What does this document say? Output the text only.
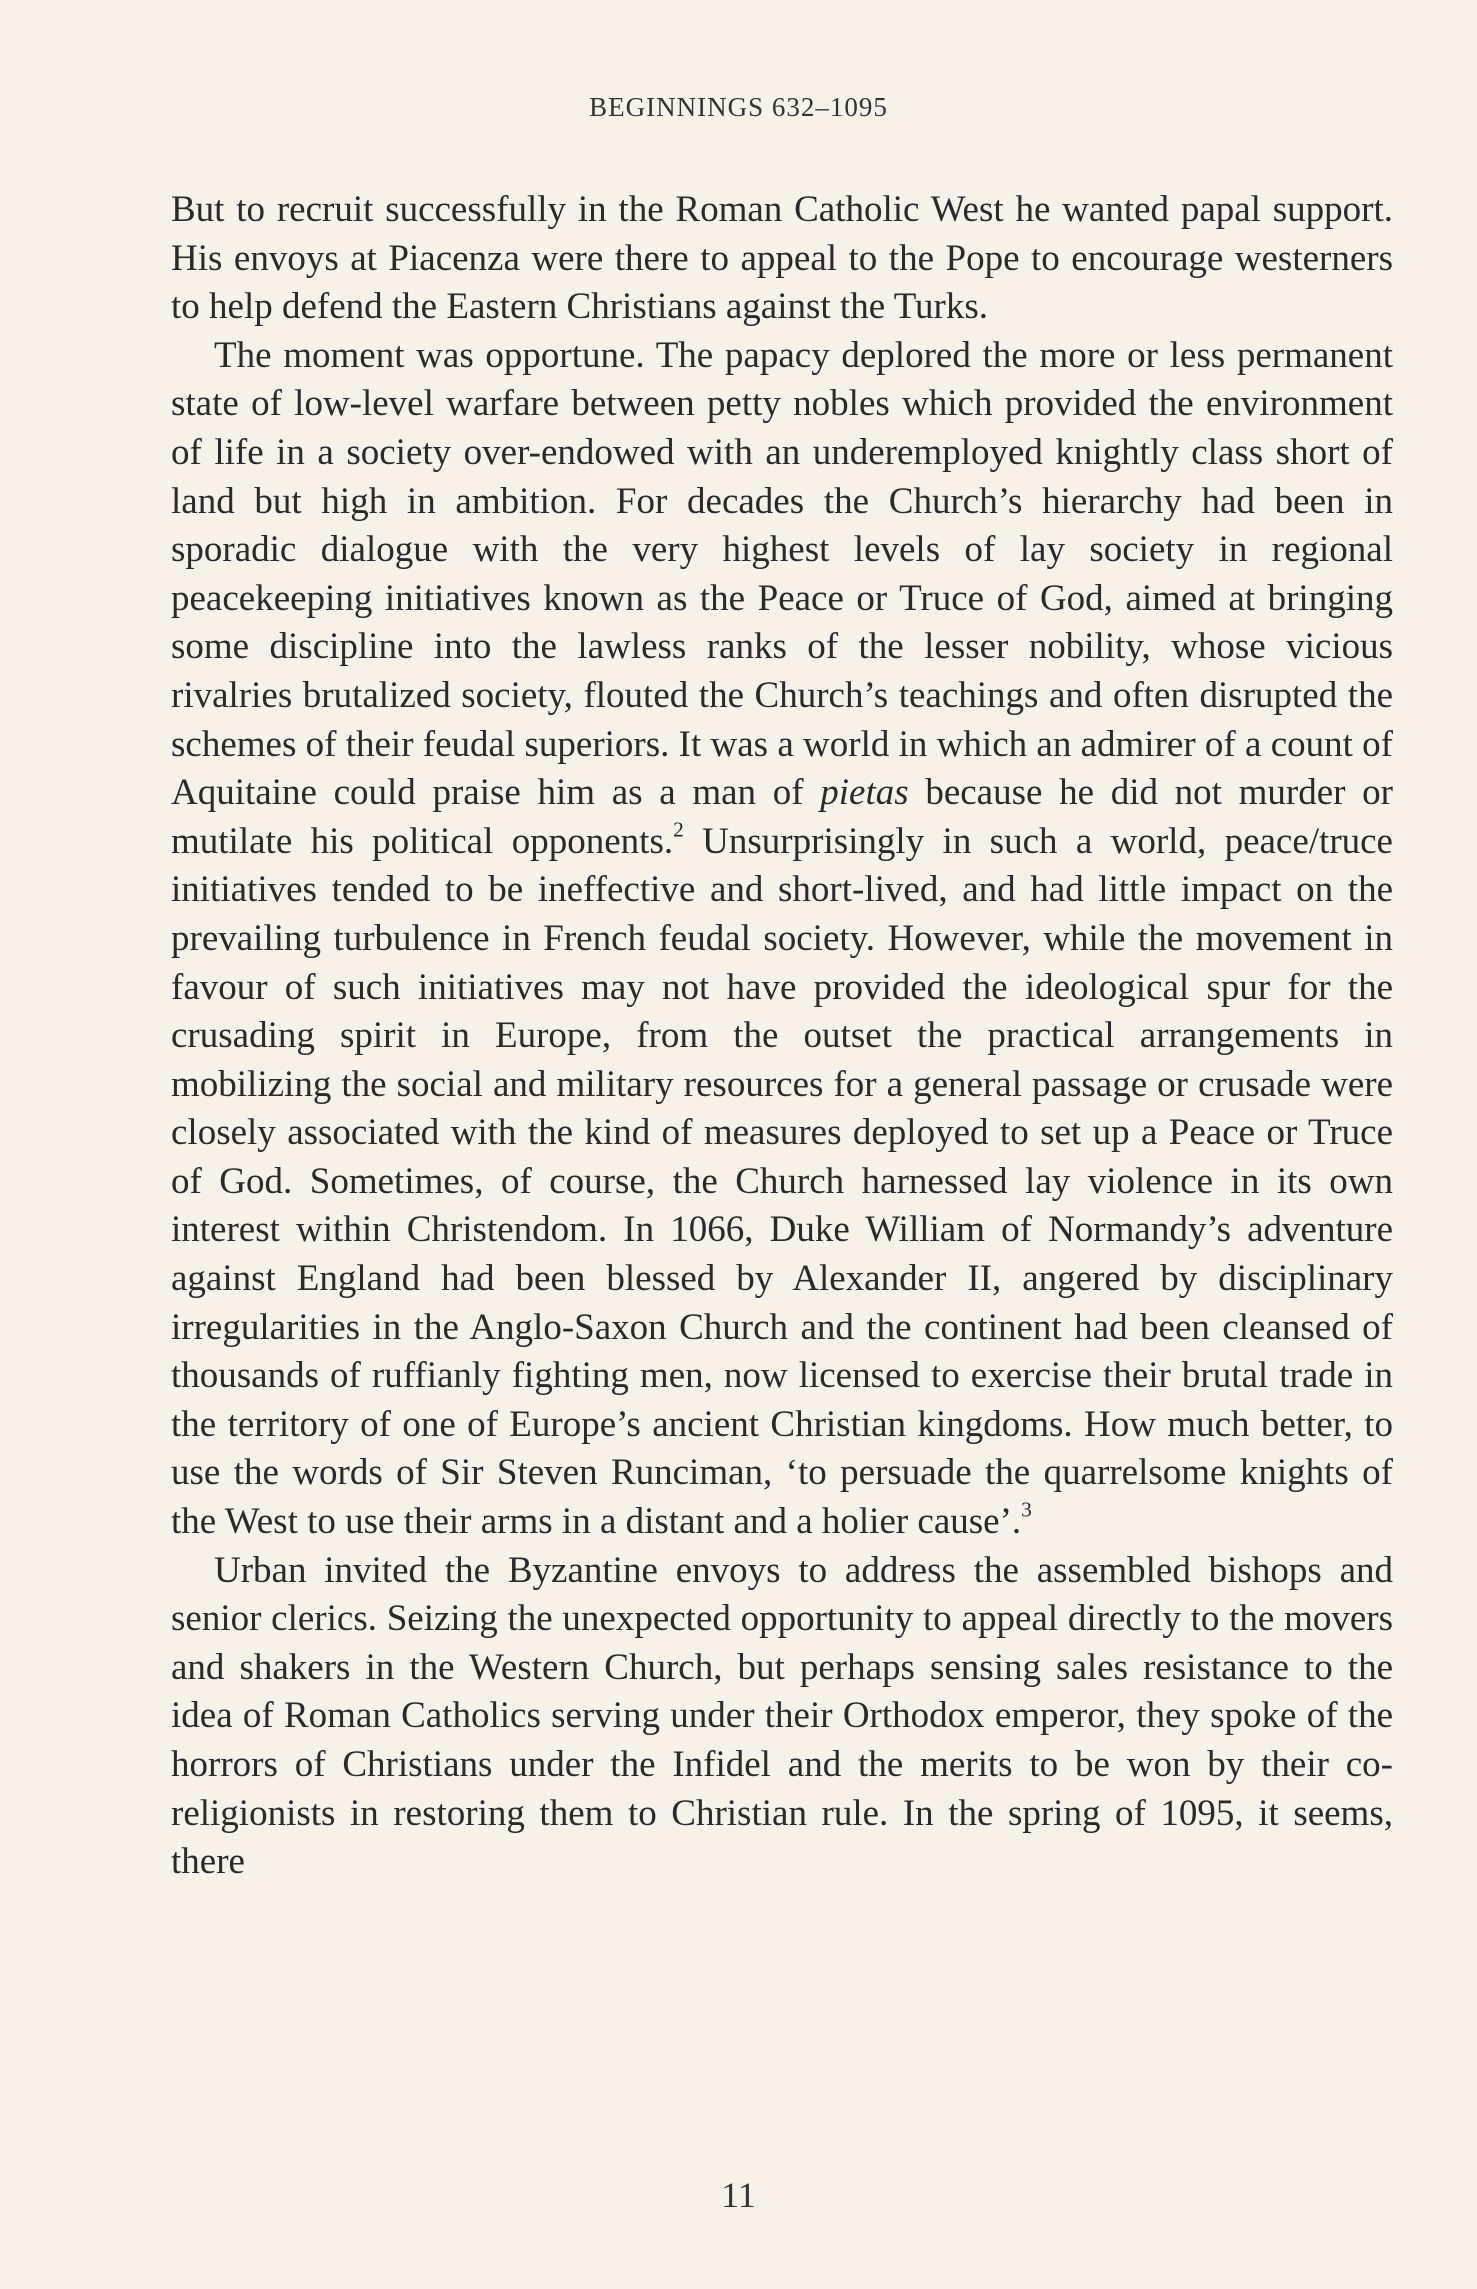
BEGINNINGS 632–1095

But to recruit successfully in the Roman Catholic West he wanted papal support. His envoys at Piacenza were there to appeal to the Pope to encourage westerners to help defend the Eastern Christians against the Turks.

The moment was opportune. The papacy deplored the more or less permanent state of low-level warfare between petty nobles which provided the environment of life in a society over-endowed with an underemployed knightly class short of land but high in ambition. For decades the Church’s hierarchy had been in sporadic dialogue with the very highest levels of lay society in regional peacekeeping initiatives known as the Peace or Truce of God, aimed at bringing some discipline into the lawless ranks of the lesser nobility, whose vicious rivalries brutalized society, flouted the Church’s teachings and often disrupted the schemes of their feudal superiors. It was a world in which an admirer of a count of Aquitaine could praise him as a man of pietas because he did not murder or mutilate his political opponents.$^2$ Unsurprisingly in such a world, peace/truce initiatives tended to be ineffective and short-lived, and had little impact on the prevailing turbulence in French feudal society. However, while the movement in favour of such initiatives may not have provided the ideological spur for the crusading spirit in Europe, from the outset the practical arrangements in mobilizing the social and military resources for a general passage or crusade were closely associated with the kind of measures deployed to set up a Peace or Truce of God. Sometimes, of course, the Church harnessed lay violence in its own interest within Christendom. In 1066, Duke William of Normandy’s adventure against England had been blessed by Alexander II, angered by disciplinary irregularities in the Anglo-Saxon Church and the continent had been cleansed of thousands of ruffianly fighting men, now licensed to exercise their brutal trade in the territory of one of Europe’s ancient Christian kingdoms. How much better, to use the words of Sir Steven Runciman, ‘to persuade the quarrelsome knights of the West to use their arms in a distant and a holier cause’.$^3$

Urban invited the Byzantine envoys to address the assembled bishops and senior clerics. Seizing the unexpected opportunity to appeal directly to the movers and shakers in the Western Church, but perhaps sensing sales resistance to the idea of Roman Catholics serving under their Orthodox emperor, they spoke of the horrors of Christians under the Infidel and the merits to be won by their co-religionists in restoring them to Christian rule. In the spring of 1095, it seems, there

11
